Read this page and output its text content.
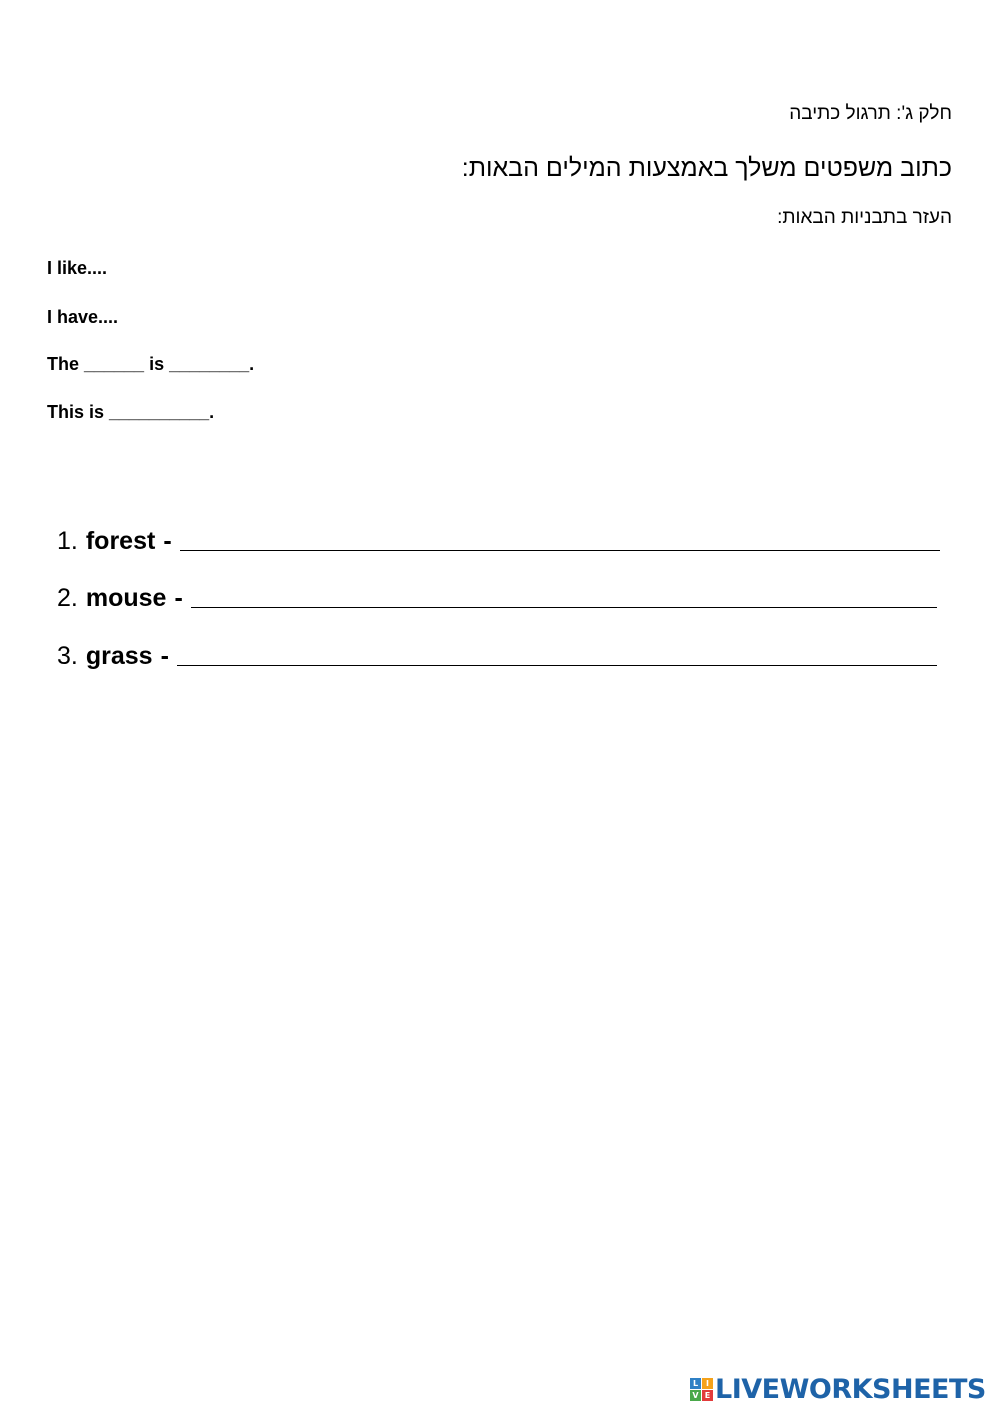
חלק ג': תרגול כתיבה
כתוב משפטים משלך באמצעות המילים הבאות:
העזר בתבניות הבאות:
I like....
I have....
The ______ is ________.
This is __________.
1. forest -
2. mouse -
3. grass -
L I
V E LIVEWORKSHEETS
